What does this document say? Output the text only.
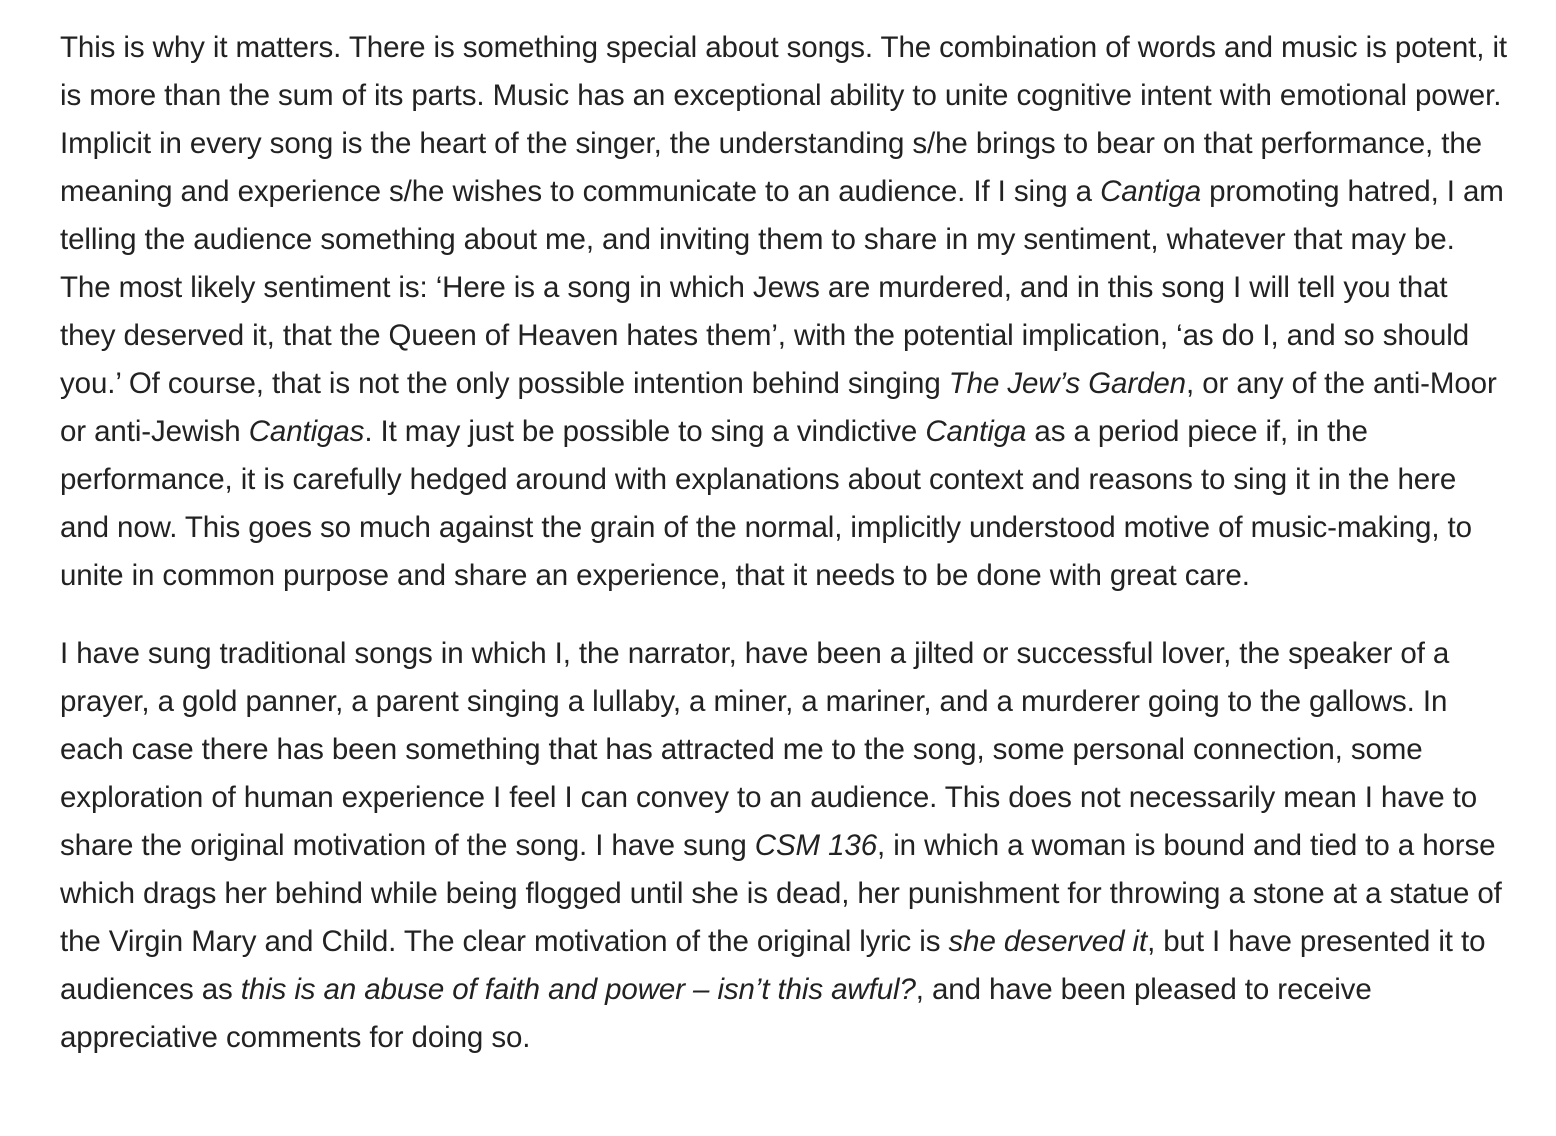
This is why it matters. There is something special about songs. The combination of words and music is potent, it is more than the sum of its parts. Music has an exceptional ability to unite cognitive intent with emotional power. Implicit in every song is the heart of the singer, the understanding s/he brings to bear on that performance, the meaning and experience s/he wishes to communicate to an audience. If I sing a Cantiga promoting hatred, I am telling the audience something about me, and inviting them to share in my sentiment, whatever that may be. The most likely sentiment is: ‘Here is a song in which Jews are murdered, and in this song I will tell you that they deserved it, that the Queen of Heaven hates them’, with the potential implication, ‘as do I, and so should you.’ Of course, that is not the only possible intention behind singing The Jew’s Garden, or any of the anti-Moor or anti-Jewish Cantigas. It may just be possible to sing a vindictive Cantiga as a period piece if, in the performance, it is carefully hedged around with explanations about context and reasons to sing it in the here and now. This goes so much against the grain of the normal, implicitly understood motive of music-making, to unite in common purpose and share an experience, that it needs to be done with great care.

I have sung traditional songs in which I, the narrator, have been a jilted or successful lover, the speaker of a prayer, a gold panner, a parent singing a lullaby, a miner, a mariner, and a murderer going to the gallows. In each case there has been something that has attracted me to the song, some personal connection, some exploration of human experience I feel I can convey to an audience. This does not necessarily mean I have to share the original motivation of the song. I have sung CSM 136, in which a woman is bound and tied to a horse which drags her behind while being flogged until she is dead, her punishment for throwing a stone at a statue of the Virgin Mary and Child. The clear motivation of the original lyric is she deserved it, but I have presented it to audiences as this is an abuse of faith and power – isn’t this awful?, and have been pleased to receive appreciative comments for doing so.
